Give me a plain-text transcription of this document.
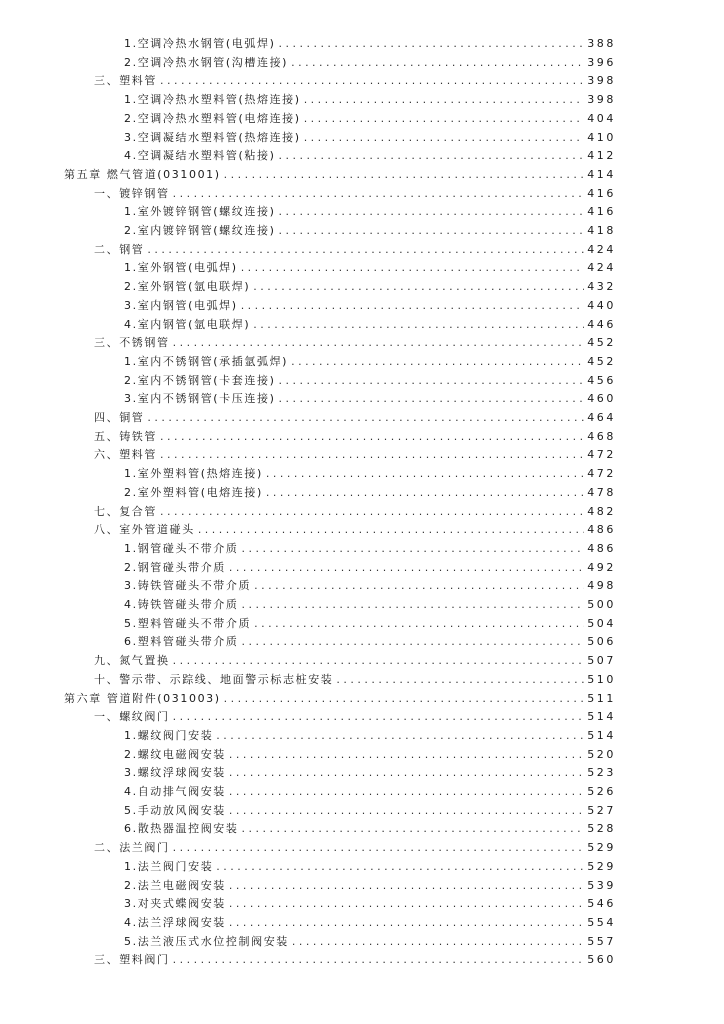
1.空调冷热水钢管(电弧焊) . . .	388
2.空调冷热水钢管(沟槽连接) . . .	396
三、塑料管 . . .	398
1.空调冷热水塑料管(热熔连接) . . .	398
2.空调冷热水塑料管(电熔连接) . . .	404
3.空调凝结水塑料管(热熔连接) . . .	410
4.空调凝结水塑料管(粘接) . . .	412
第五章 燃气管道(031001) . . .	414
一、镀锌钢管 . . .	416
1.室外镀锌钢管(螺纹连接) . . .	416
2.室内镀锌钢管(螺纹连接) . . .	418
二、钢管 . . .	424
1.室外钢管(电弧焊) . . .	424
2.室外钢管(氩电联焊) . . .	432
3.室内钢管(电弧焊) . . .	440
4.室内钢管(氩电联焊) . . .	446
三、不锈钢管 . . .	452
1.室内不锈钢管(承插氩弧焊) . . .	452
2.室内不锈钢管(卡套连接) . . .	456
3.室内不锈钢管(卡压连接) . . .	460
四、铜管 . . .	464
五、铸铁管 . . .	468
六、塑料管 . . .	472
1.室外塑料管(热熔连接) . . .	472
2.室外塑料管(电熔连接) . . .	478
七、复合管 . . .	482
八、室外管道碰头 . . .	486
1.钢管碰头不带介质 . . .	486
2.钢管碰头带介质 . . .	492
3.铸铁管碰头不带介质 . . .	498
4.铸铁管碰头带介质 . . .	500
5.塑料管碰头不带介质 . . .	504
6.塑料管碰头带介质 . . .	506
九、氮气置换 . . .	507
十、警示带、示踪线、地面警示标志桩安装 . . .	510
第六章 管道附件(031003) . . .	511
一、螺纹阀门 . . .	514
1.螺纹阀门安装 . . .	514
2.螺纹电磁阀安装 . . .	520
3.螺纹浮球阀安装 . . .	523
4.自动排气阀安装 . . .	526
5.手动放风阀安装 . . .	527
6.散热器温控阀安装 . . .	528
二、法兰阀门 . . .	529
1.法兰阀门安装 . . .	529
2.法兰电磁阀安装 . . .	539
3.对夹式蝶阀安装 . . .	546
4.法兰浮球阀安装 . . .	554
5.法兰液压式水位控制阀安装 . . .	557
三、塑料阀门 . . .	560
